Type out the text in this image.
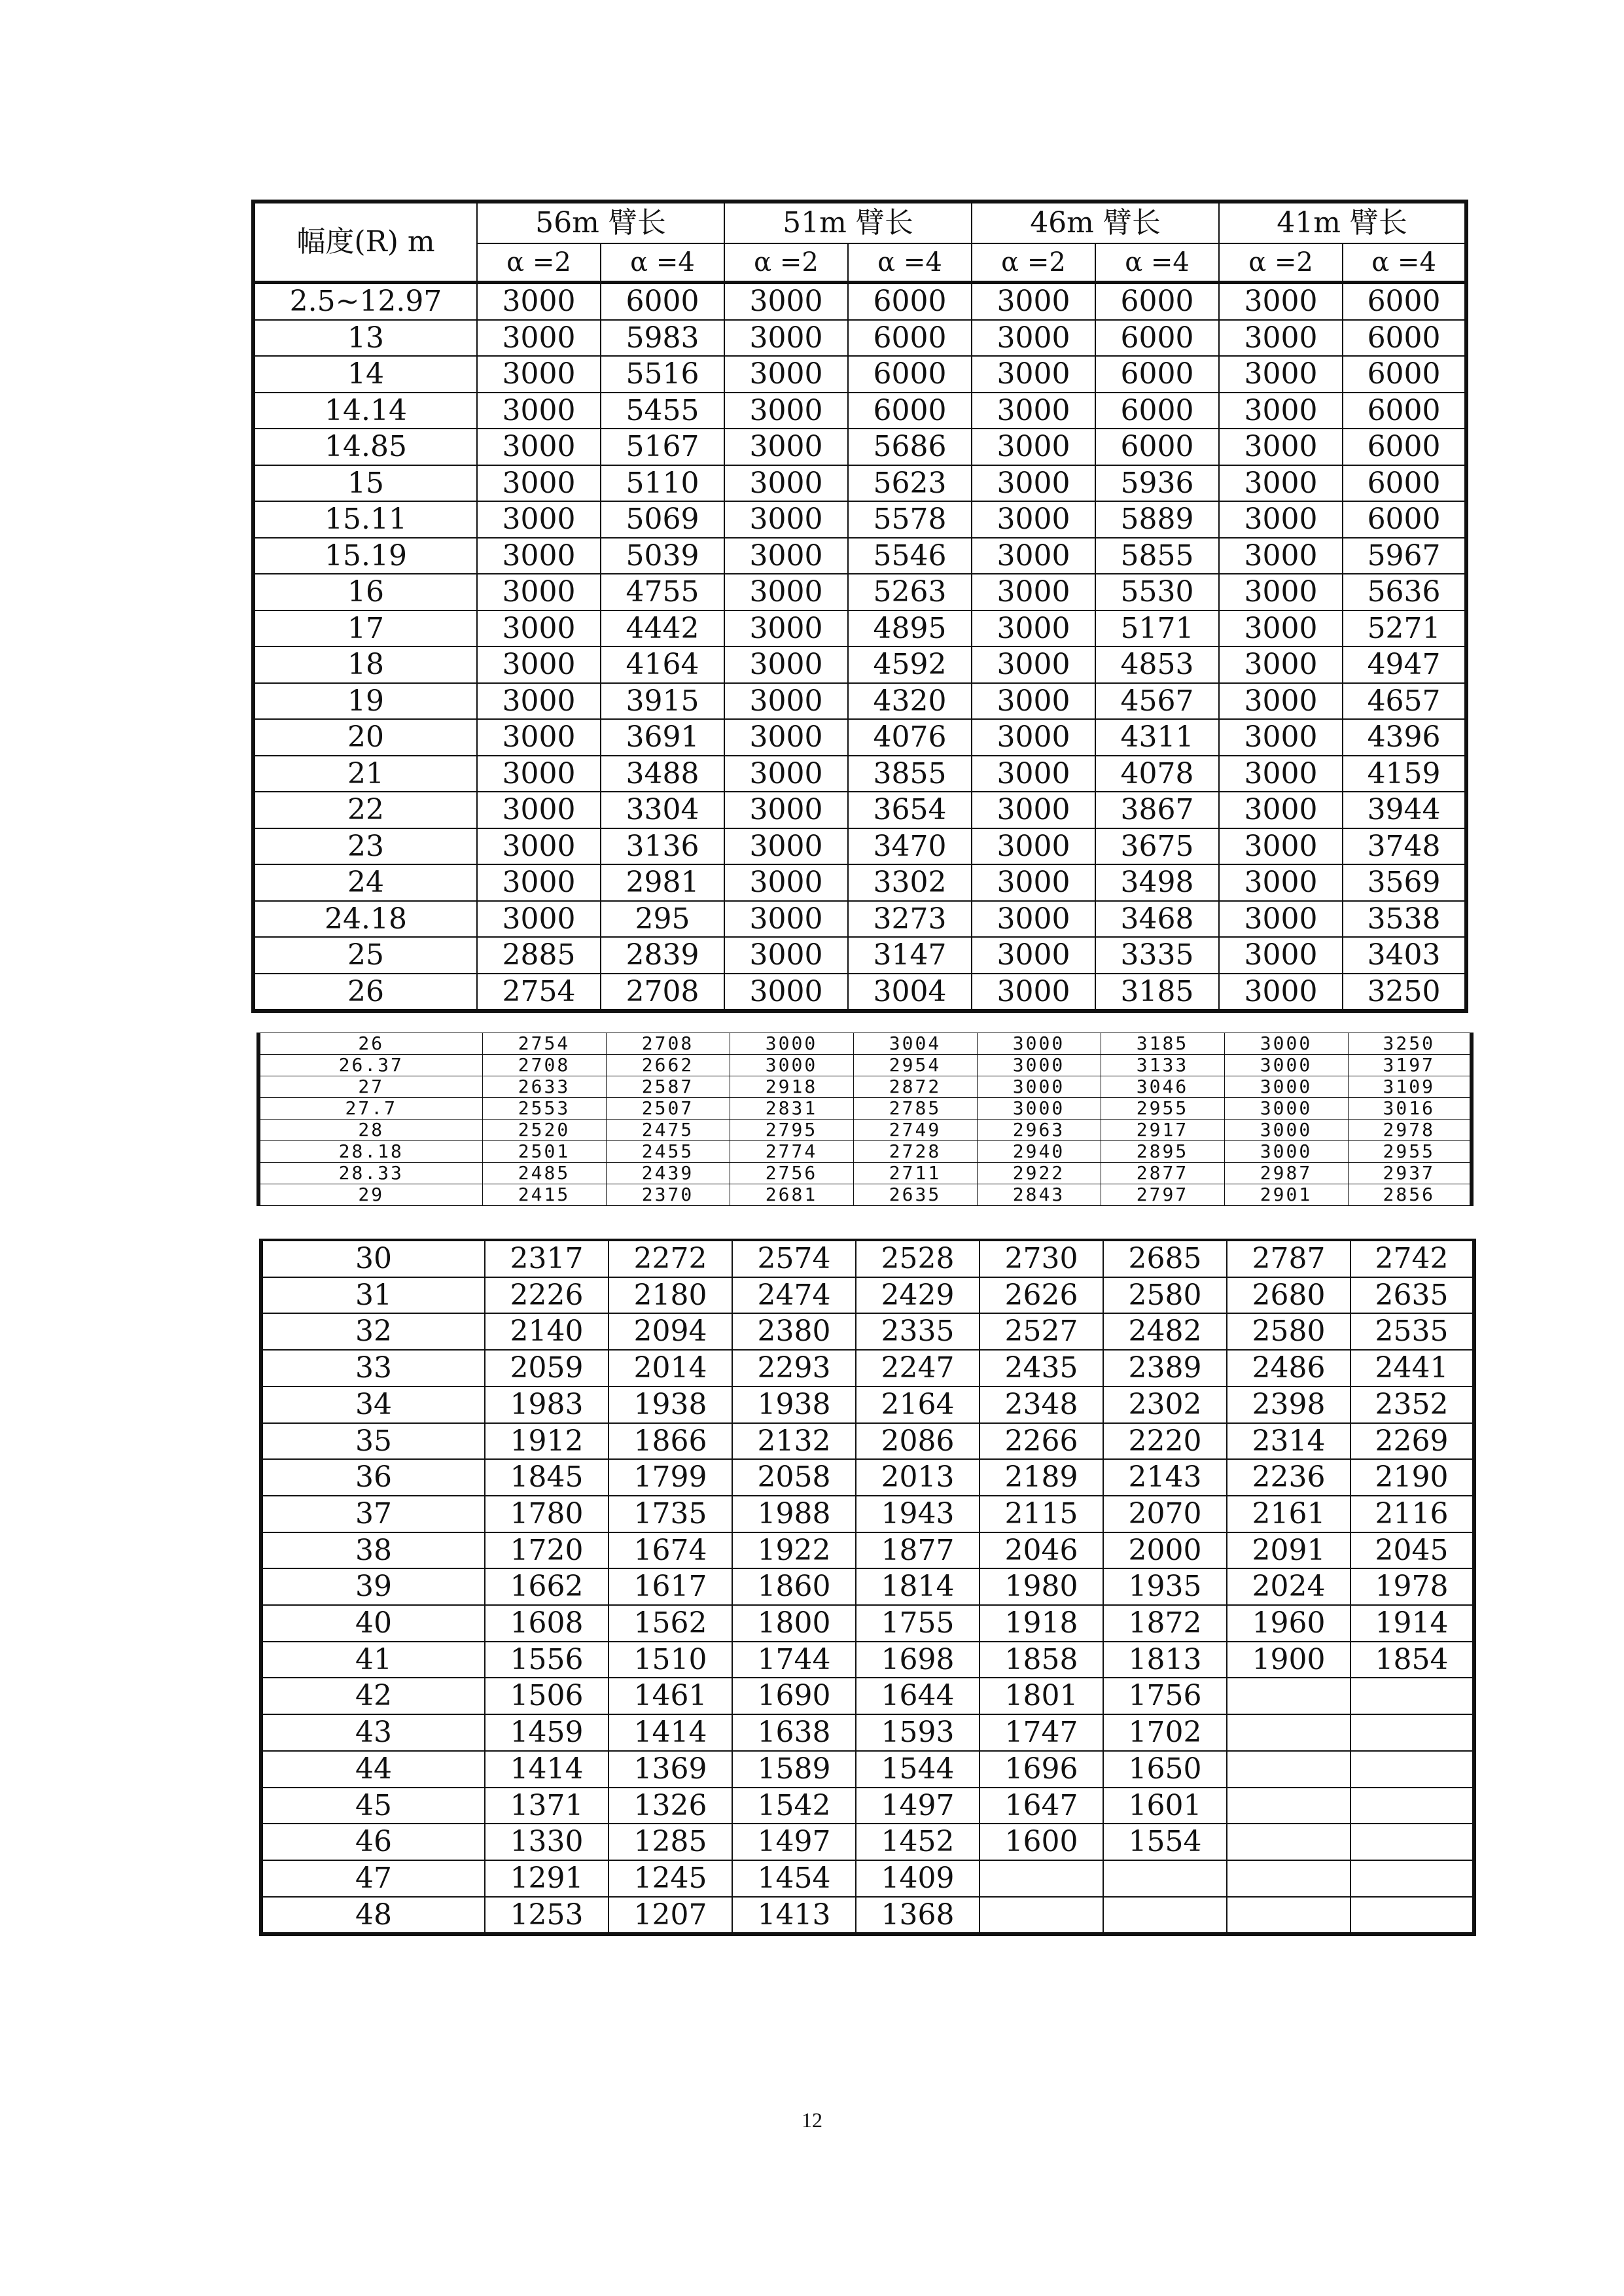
幅度(R) m	56m 臂长		51m 臂长		46m 臂长		41m 臂长	
	α =2	α =4	α =2	α =4	α =2	α =4	α =2	α =4
2.5~12.97	3000	6000	3000	6000	3000	6000	3000	6000
13	3000	5983	3000	6000	3000	6000	3000	6000
14	3000	5516	3000	6000	3000	6000	3000	6000
14.14	3000	5455	3000	6000	3000	6000	3000	6000
14.85	3000	5167	3000	5686	3000	6000	3000	6000
15	3000	5110	3000	5623	3000	5936	3000	6000
15.11	3000	5069	3000	5578	3000	5889	3000	6000
15.19	3000	5039	3000	5546	3000	5855	3000	5967
16	3000	4755	3000	5263	3000	5530	3000	5636
17	3000	4442	3000	4895	3000	5171	3000	5271
18	3000	4164	3000	4592	3000	4853	3000	4947
19	3000	3915	3000	4320	3000	4567	3000	4657
20	3000	3691	3000	4076	3000	4311	3000	4396
21	3000	3488	3000	3855	3000	4078	3000	4159
22	3000	3304	3000	3654	3000	3867	3000	3944
23	3000	3136	3000	3470	3000	3675	3000	3748
24	3000	2981	3000	3302	3000	3498	3000	3569
24.18	3000	295	3000	3273	3000	3468	3000	3538
25	2885	2839	3000	3147	3000	3335	3000	3403
26	2754	2708	3000	3004	3000	3185	3000	3250
26	2754	2708	3000	3004	3000	3185	3000	3250
26.37	2708	2662	3000	2954	3000	3133	3000	3197
27	2633	2587	2918	2872	3000	3046	3000	3109
27.7	2553	2507	2831	2785	3000	2955	3000	3016
28	2520	2475	2795	2749	2963	2917	3000	2978
28.18	2501	2455	2774	2728	2940	2895	3000	2955
28.33	2485	2439	2756	2711	2922	2877	2987	2937
29	2415	2370	2681	2635	2843	2797	2901	2856
30	2317	2272	2574	2528	2730	2685	2787	2742
31	2226	2180	2474	2429	2626	2580	2680	2635
32	2140	2094	2380	2335	2527	2482	2580	2535
33	2059	2014	2293	2247	2435	2389	2486	2441
34	1983	1938	1938	2164	2348	2302	2398	2352
35	1912	1866	2132	2086	2266	2220	2314	2269
36	1845	1799	2058	2013	2189	2143	2236	2190
37	1780	1735	1988	1943	2115	2070	2161	2116
38	1720	1674	1922	1877	2046	2000	2091	2045
39	1662	1617	1860	1814	1980	1935	2024	1978
40	1608	1562	1800	1755	1918	1872	1960	1914
41	1556	1510	1744	1698	1858	1813	1900	1854
42	1506	1461	1690	1644	1801	1756		
43	1459	1414	1638	1593	1747	1702		
44	1414	1369	1589	1544	1696	1650		
45	1371	1326	1542	1497	1647	1601		
46	1330	1285	1497	1452	1600	1554		
47	1291	1245	1454	1409				
48	1253	1207	1413	1368				
12
